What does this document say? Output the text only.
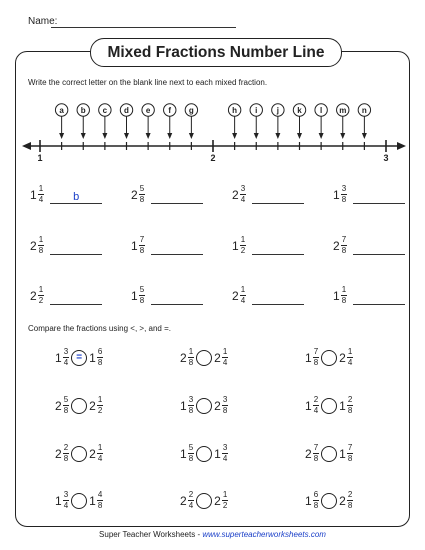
Name:
Mixed Fractions Number Line
Write the correct letter on the blank line next to each mixed fraction.
1	2	3
a b c d e f g	h i j k l m n
$1 \frac{1}{4}$	b	$2 \frac{5}{8}$	$2 \frac{3}{4}$	$1 \frac{3}{8}$
$2 \frac{1}{8}$	$1 \frac{7}{8}$	$1 \frac{1}{2}$	$2 \frac{7}{8}$
$2 \frac{1}{2}$	$1 \frac{5}{8}$	$2 \frac{1}{4}$	$1 \frac{1}{8}$
Compare the fractions using <, >, and =.
$1 \frac{3}{4} = 1 \frac{6}{8}$	$2 \frac{1}{8} 2 \frac{1}{4}$	$1 \frac{7}{8} 2 \frac{1}{4}$
$2 \frac{5}{8} 2 \frac{1}{2}$	$1 \frac{3}{8} 2 \frac{3}{8}$	$1 \frac{2}{4} 1 \frac{2}{8}$
$2 \frac{2}{8} 2 \frac{1}{4}$	$1 \frac{5}{8} 1 \frac{3}{4}$	$2 \frac{7}{8} 1 \frac{7}{8}$
$1 \frac{3}{4} 1 \frac{4}{8}$	$2 \frac{2}{4} 2 \frac{1}{2}$	$1 \frac{6}{8} 2 \frac{2}{8}$
Super Teacher Worksheets - www.superteacherworksheets.com
